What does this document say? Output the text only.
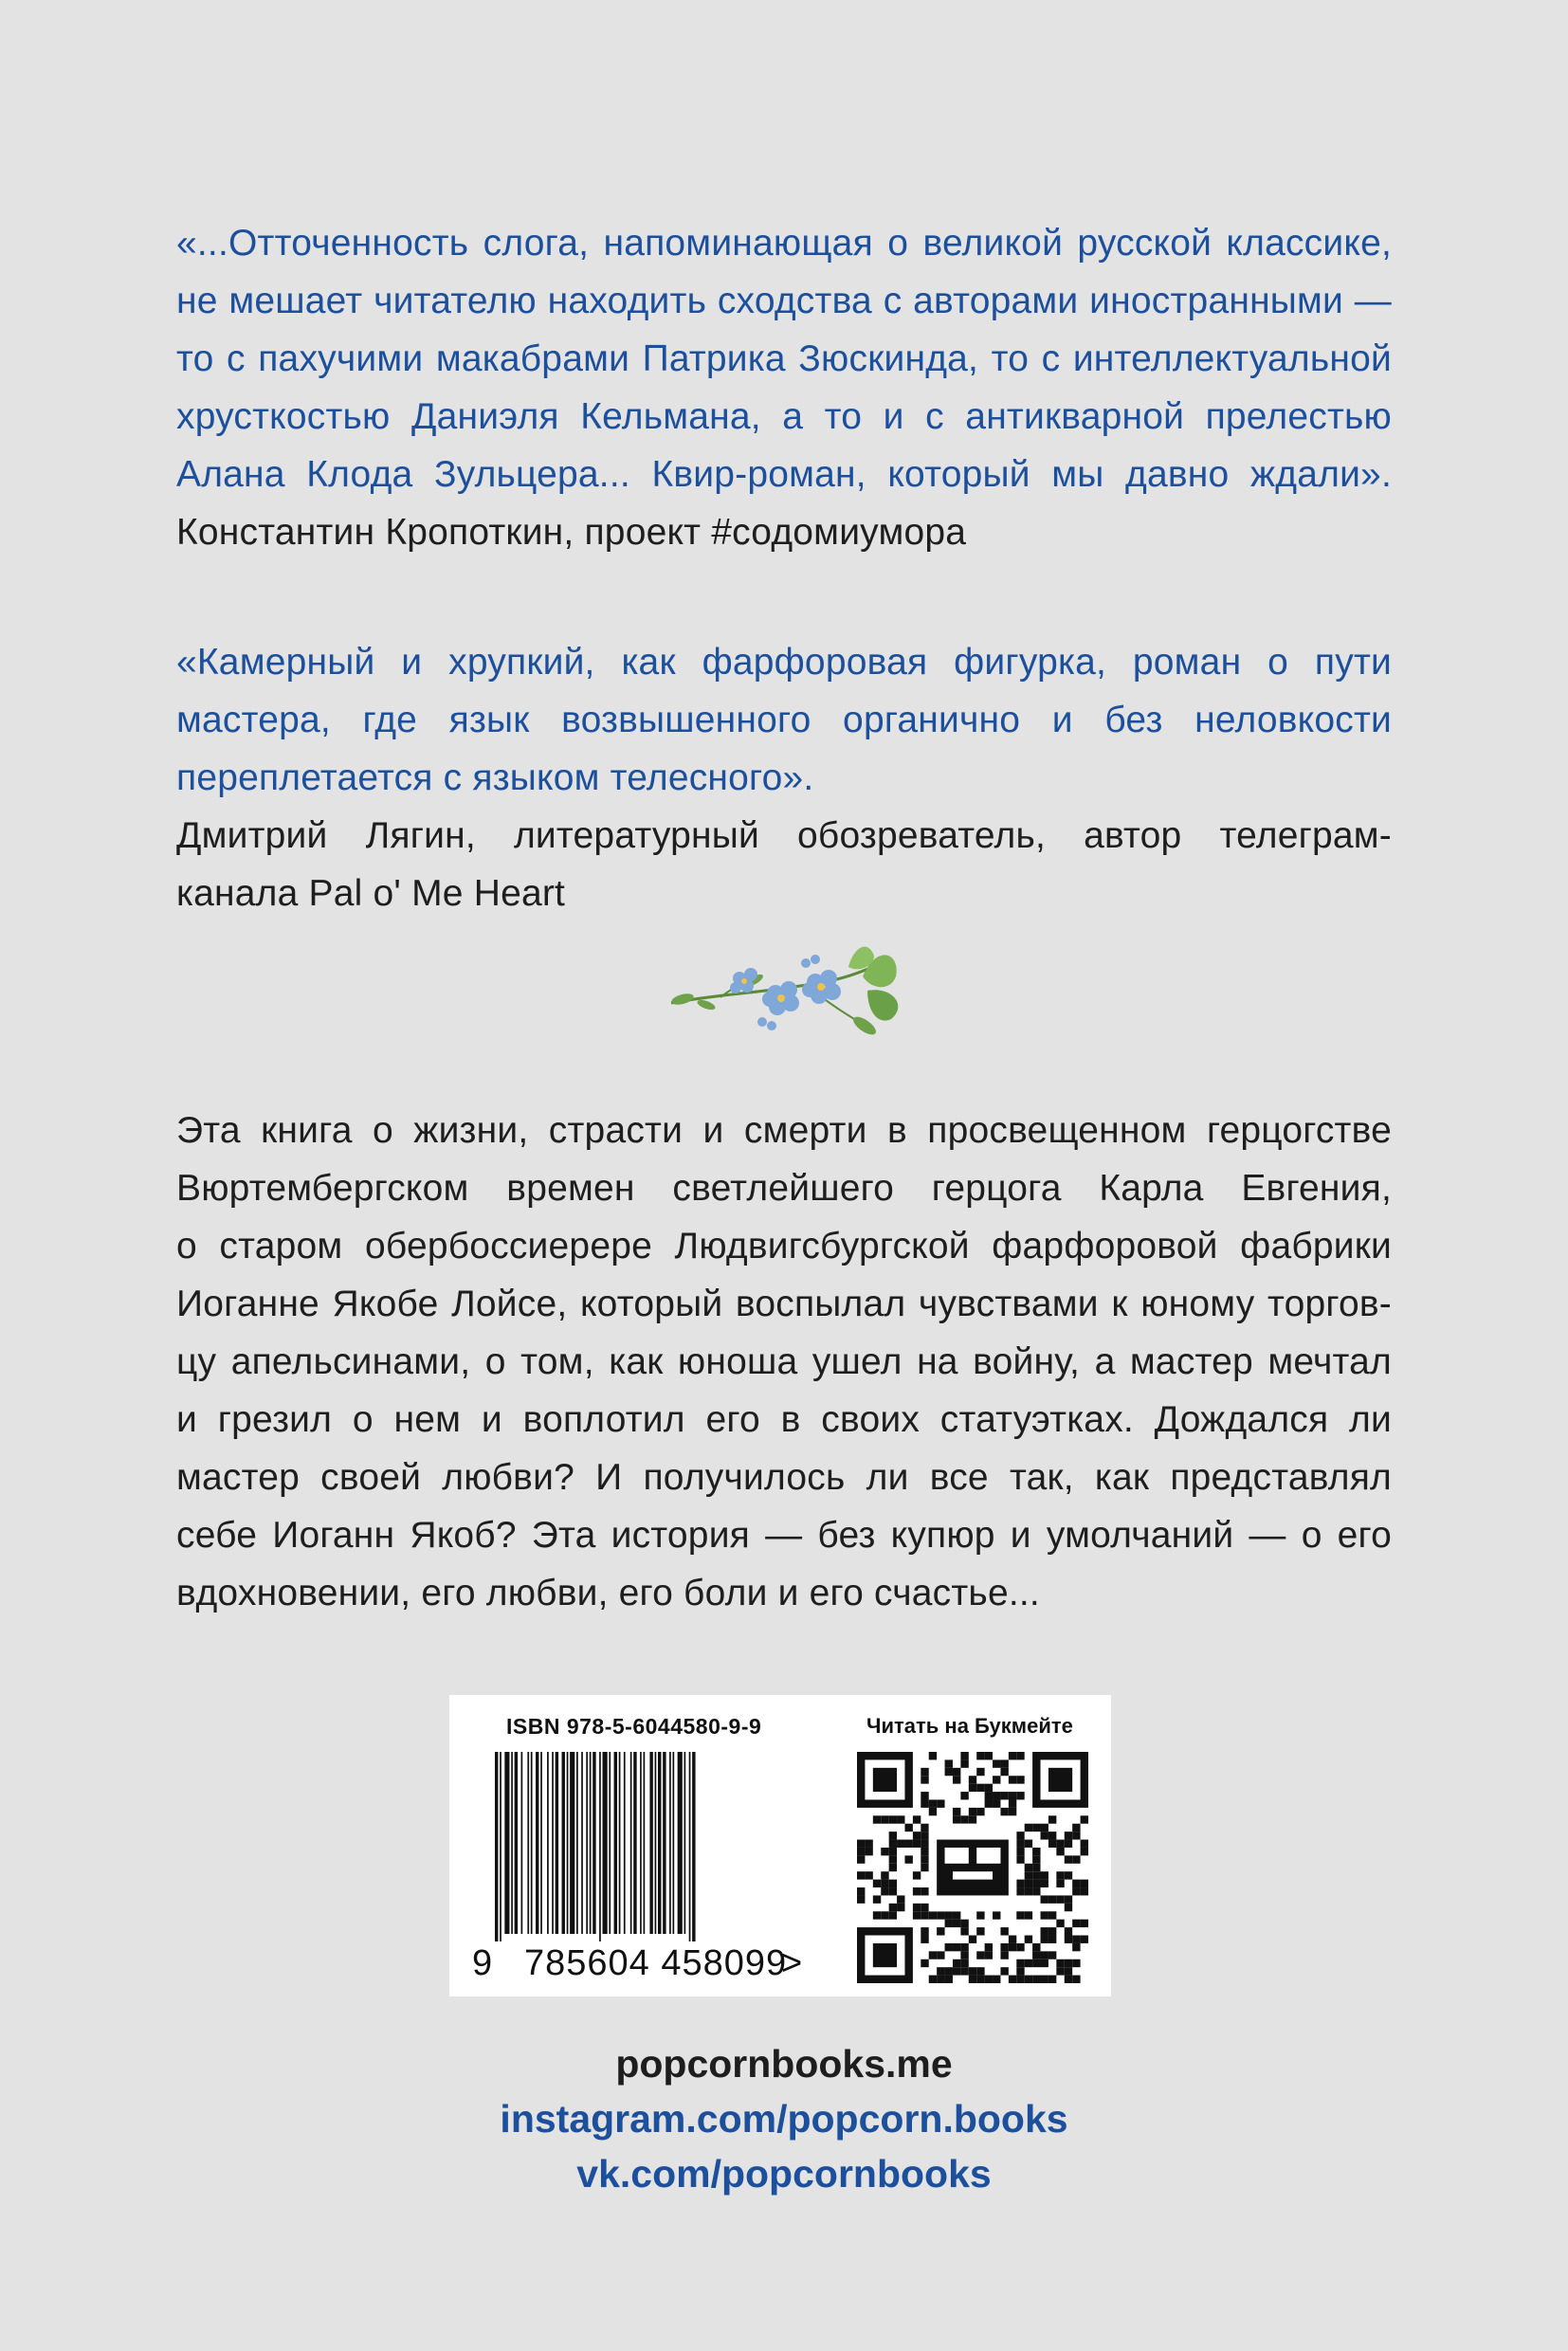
«...Отточенность слога, напоминающая о великой русской классике,
не мешает читателю находить сходства с авторами иностранными —
то с пахучими макабрами Патрика Зюскинда, то с интеллектуальной
хрусткостью Даниэля Кельмана, а то и с антикварной прелестью
Алана Клода Зульцера... Квир-роман, который мы давно ждали».
Константин Кропоткин, проект #содомиумора
«Камерный и хрупкий, как фарфоровая фигурка, роман о пути
мастера, где язык возвышенного органично и без неловкости
переплетается с языком телесного».
Дмитрий Лягин, литературный обозреватель, автор телеграм-
канала Pal o' Me Heart
Эта книга о жизни, страсти и смерти в просвещенном герцогстве
Вюртембергском времен светлейшего герцога Карла Евгения,
о старом обербоссиерере Людвигсбургской фарфоровой фабрики
Иоганне Якобе Лойсе, который воспылал чувствами к юному торгов-
цу апельсинами, о том, как юноша ушел на войну, а мастер мечтал
и грезил о нем и воплотил его в своих статуэтках. Дождался ли
мастер своей любви? И получилось ли все так, как представлял
себе Иоганн Якоб? Эта история — без купюр и умолчаний — о его
вдохновении, его любви, его боли и его счастье...
ISBN 978-5-6044580-9-9
9 785604 458099
>
Читать на Букмейте
popcornbooks.me
instagram.com/popcorn.books
vk.com/popcornbooks
